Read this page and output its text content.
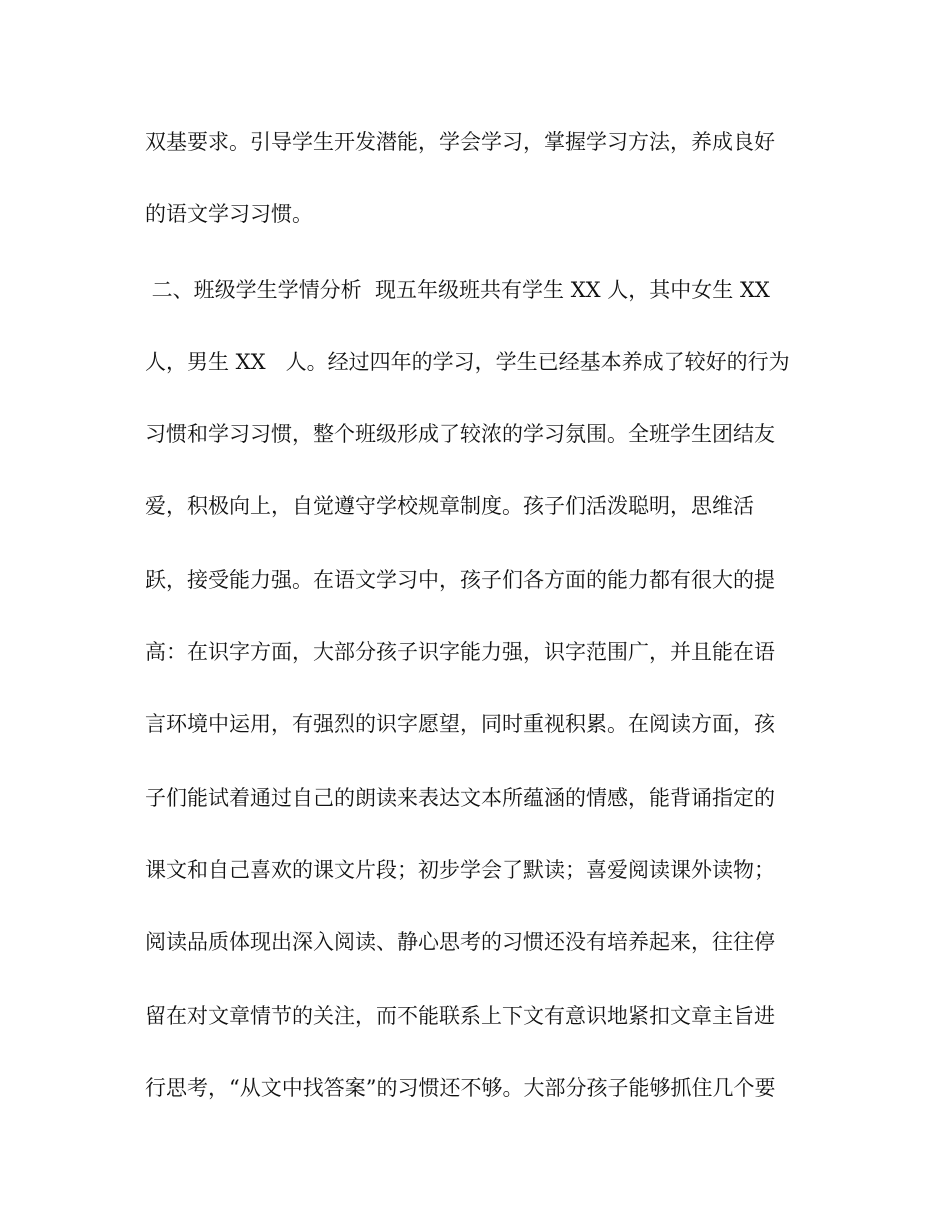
双基要求。引导学生开发潜能，学会学习，掌握学习方法，养成良好
的语文学习习惯。
二、班级学生学情分析  现五年级班共有学生 XX 人，其中女生 XX
人，男生 XX   人。经过四年的学习，学生已经基本养成了较好的行为
习惯和学习习惯，整个班级形成了较浓的学习氛围。全班学生团结友
爱，积极向上，自觉遵守学校规章制度。孩子们活泼聪明，思维活
跃，接受能力强。在语文学习中，孩子们各方面的能力都有很大的提
高：在识字方面，大部分孩子识字能力强，识字范围广，并且能在语
言环境中运用，有强烈的识字愿望，同时重视积累。在阅读方面，孩
子们能试着通过自己的朗读来表达文本所蕴涵的情感，能背诵指定的
课文和自己喜欢的课文片段；初步学会了默读；喜爱阅读课外读物；
阅读品质体现出深入阅读、静心思考的习惯还没有培养起来，往往停
留在对文章情节的关注，而不能联系上下文有意识地紧扣文章主旨进
行思考，“从文中找答案”的习惯还不够。大部分孩子能够抓住几个要
